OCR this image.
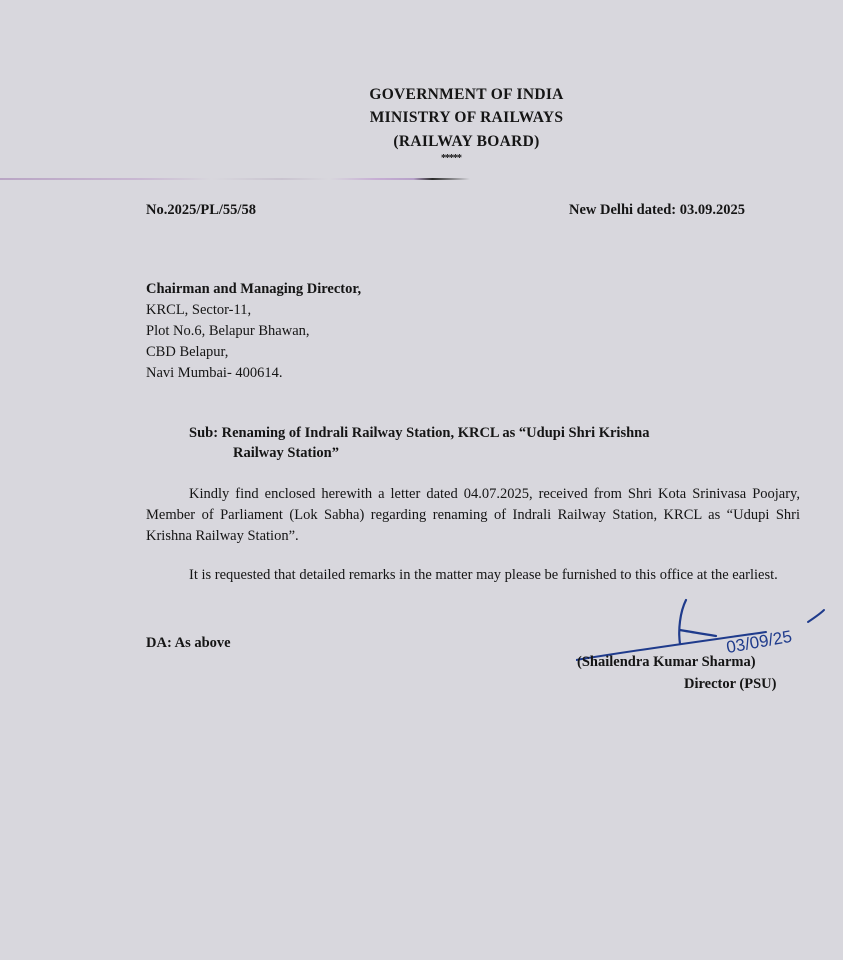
GOVERNMENT OF INDIA
MINISTRY OF RAILWAYS
(RAILWAY BOARD)
*****
No.2025/PL/55/58	New Delhi dated: 03.09.2025
Chairman and Managing Director,
KRCL, Sector-11,
Plot No.6, Belapur Bhawan,
CBD Belapur,
Navi Mumbai- 400614.
Sub: Renaming of Indrali Railway Station, KRCL as “Udupi Shri Krishna
Railway Station”
Kindly find enclosed herewith a letter dated 04.07.2025, received from Shri Kota Srinivasa Poojary, Member of Parliament (Lok Sabha) regarding renaming of Indrali Railway Station, KRCL as “Udupi Shri Krishna Railway Station”.
It is requested that detailed remarks in the matter may please be furnished to this office at the earliest.
DA: As above	03/09/25
(Shailendra Kumar Sharma)
Director (PSU)
